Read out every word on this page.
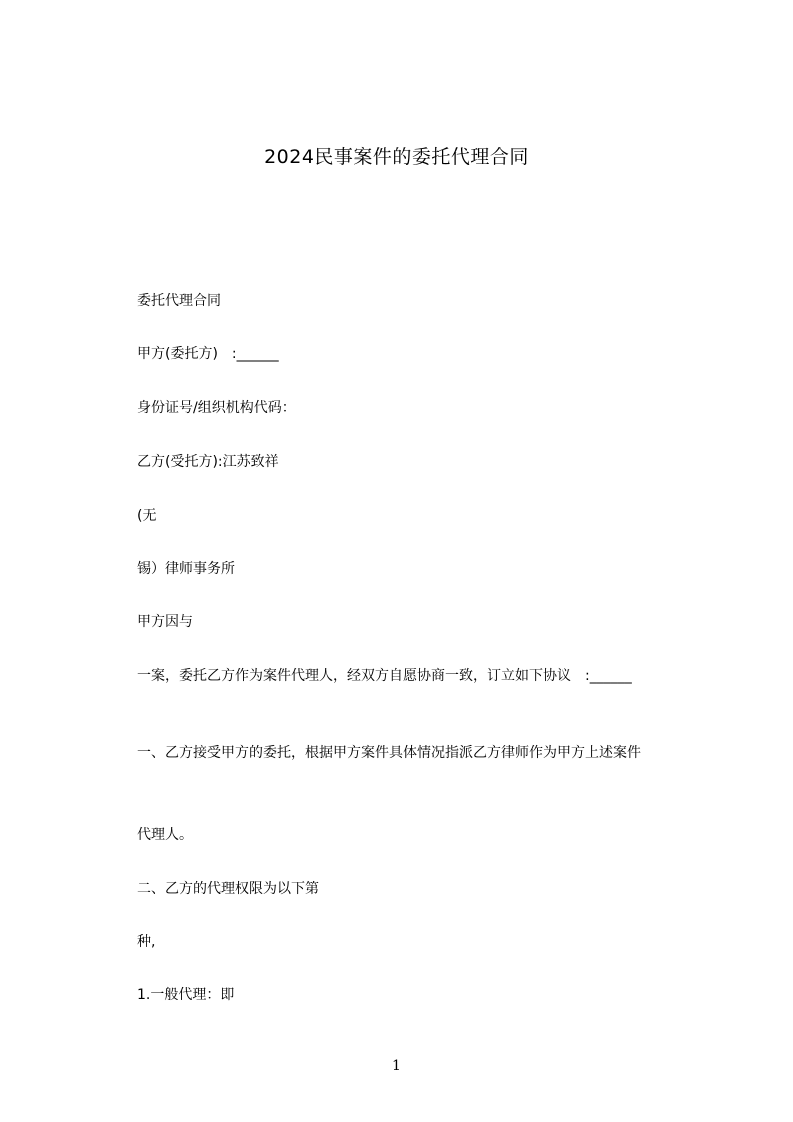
2024民事案件的委托代理合同
委托代理合同
甲方(委托方)　:______
身份证号/组织机构代码：
乙方(受托方):江苏致祥
(无
锡）律师事务所
甲方因与
一案，委托乙方作为案件代理人，经双方自愿协商一致，订立如下协议　:______
一、乙方接受甲方的委托，根据甲方案件具体情况指派乙方律师作为甲方上述案件
代理人。
二、乙方的代理权限为以下第
种,
1.一般代理：即
1
